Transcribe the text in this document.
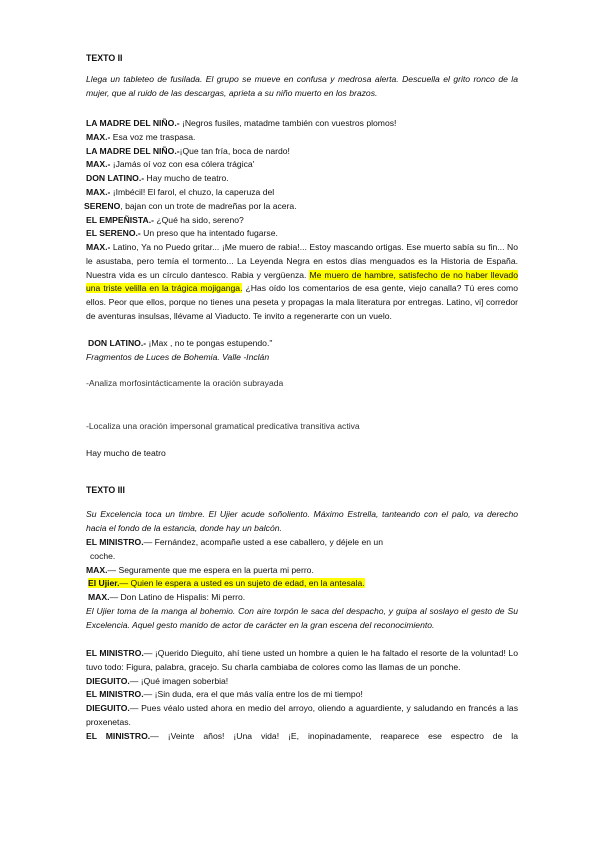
TEXTO II
Llega un tableteo de fusilada. El grupo se mueve en confusa y medrosa alerta. Descuella el grito ronco de la mujer, que al ruido de las descargas, aprieta a su niño muerto en los brazos.
LA MADRE DEL NIÑO.- ¡Negros fusiles, matadme también con vuestros plomos!
MAX.- Esa voz me traspasa.
LA MADRE DEL NIÑO.-¡Que tan fría, boca de nardo!
MAX.- ¡Jamás oí voz con esa cólera trágica'
DON LATINO.- Hay mucho de teatro.
MAX.- ¡Imbécil! El farol, el chuzo, la caperuza del
SERENO, bajan con un trote de madreñas por la acera.
EL EMPEÑISTA.- ¿Qué ha sido, sereno?
EL SERENO.- Un preso que ha intentado fugarse.
MAX.- Latino, Ya no Puedo gritar... ¡Me muero de rabia!... Estoy mascando ortigas. Ese muerto sabía su fin... No le asustaba, pero temía el tormento... La Leyenda Negra en estos días menguados es la Historia de España. Nuestra vida es un círculo dantesco. Rabia y vergüenza. Me muero de hambre, satisfecho de no haber llevado una triste velilla en la trágica mojiganga. ¿Has oído los comentarios de esa gente, viejo canalla? Tú eres como ellos. Peor que ellos, porque no tienes una peseta y propagas la mala literatura por entregas. Latino, vi] corredor de aventuras insulsas, llévame al Viaducto. Te invito a regenerarte con un vuelo.
DON LATINO.- ¡Max , no te pongas estupendo."
Fragmentos de Luces de Bohemia. Valle -Inclán
-Analiza morfosintácticamente la oración subrayada
-Localiza una oración impersonal gramatical predicativa transitiva activa
Hay mucho de teatro
TEXTO III
Su Excelencia toca un timbre. El Ujier acude soñoliento. Máximo Estrella, tanteando con el palo, va derecho hacia el fondo de la estancia, donde hay un balcón.
EL MINISTRO.— Fernández, acompañe usted a ese caballero, y déjele en un
coche.
MAX.— Seguramente que me espera en la puerta mi perro.
El Ujier.— Quien le espera a usted es un sujeto de edad, en la antesala.
MAX.— Don Latino de Hispalis: Mi perro.
El Ujier toma de la manga al bohemio. Con aire torpón le saca del despacho, y guipa al soslayo el gesto de Su Excelencia. Aquel gesto manido de actor de carácter en la gran escena del reconocimiento.
EL MINISTRO.— ¡Querido Dieguito, ahí tiene usted un hombre a quien le ha faltado el resorte de la voluntad! Lo tuvo todo: Figura, palabra, gracejo. Su charla cambiaba de colores como las llamas de un ponche.
DIEGUITO.— ¡Qué imagen soberbia!
EL MINISTRO.— ¡Sin duda, era el que más valía entre los de mi tiempo!
DIEGUITO.— Pues véalo usted ahora en medio del arroyo, oliendo a aguardiente, y saludando en francés a las proxenetas.
EL MINISTRO.— ¡Veinte años! ¡Una vida! ¡E, inopinadamente, reaparece ese espectro de la
